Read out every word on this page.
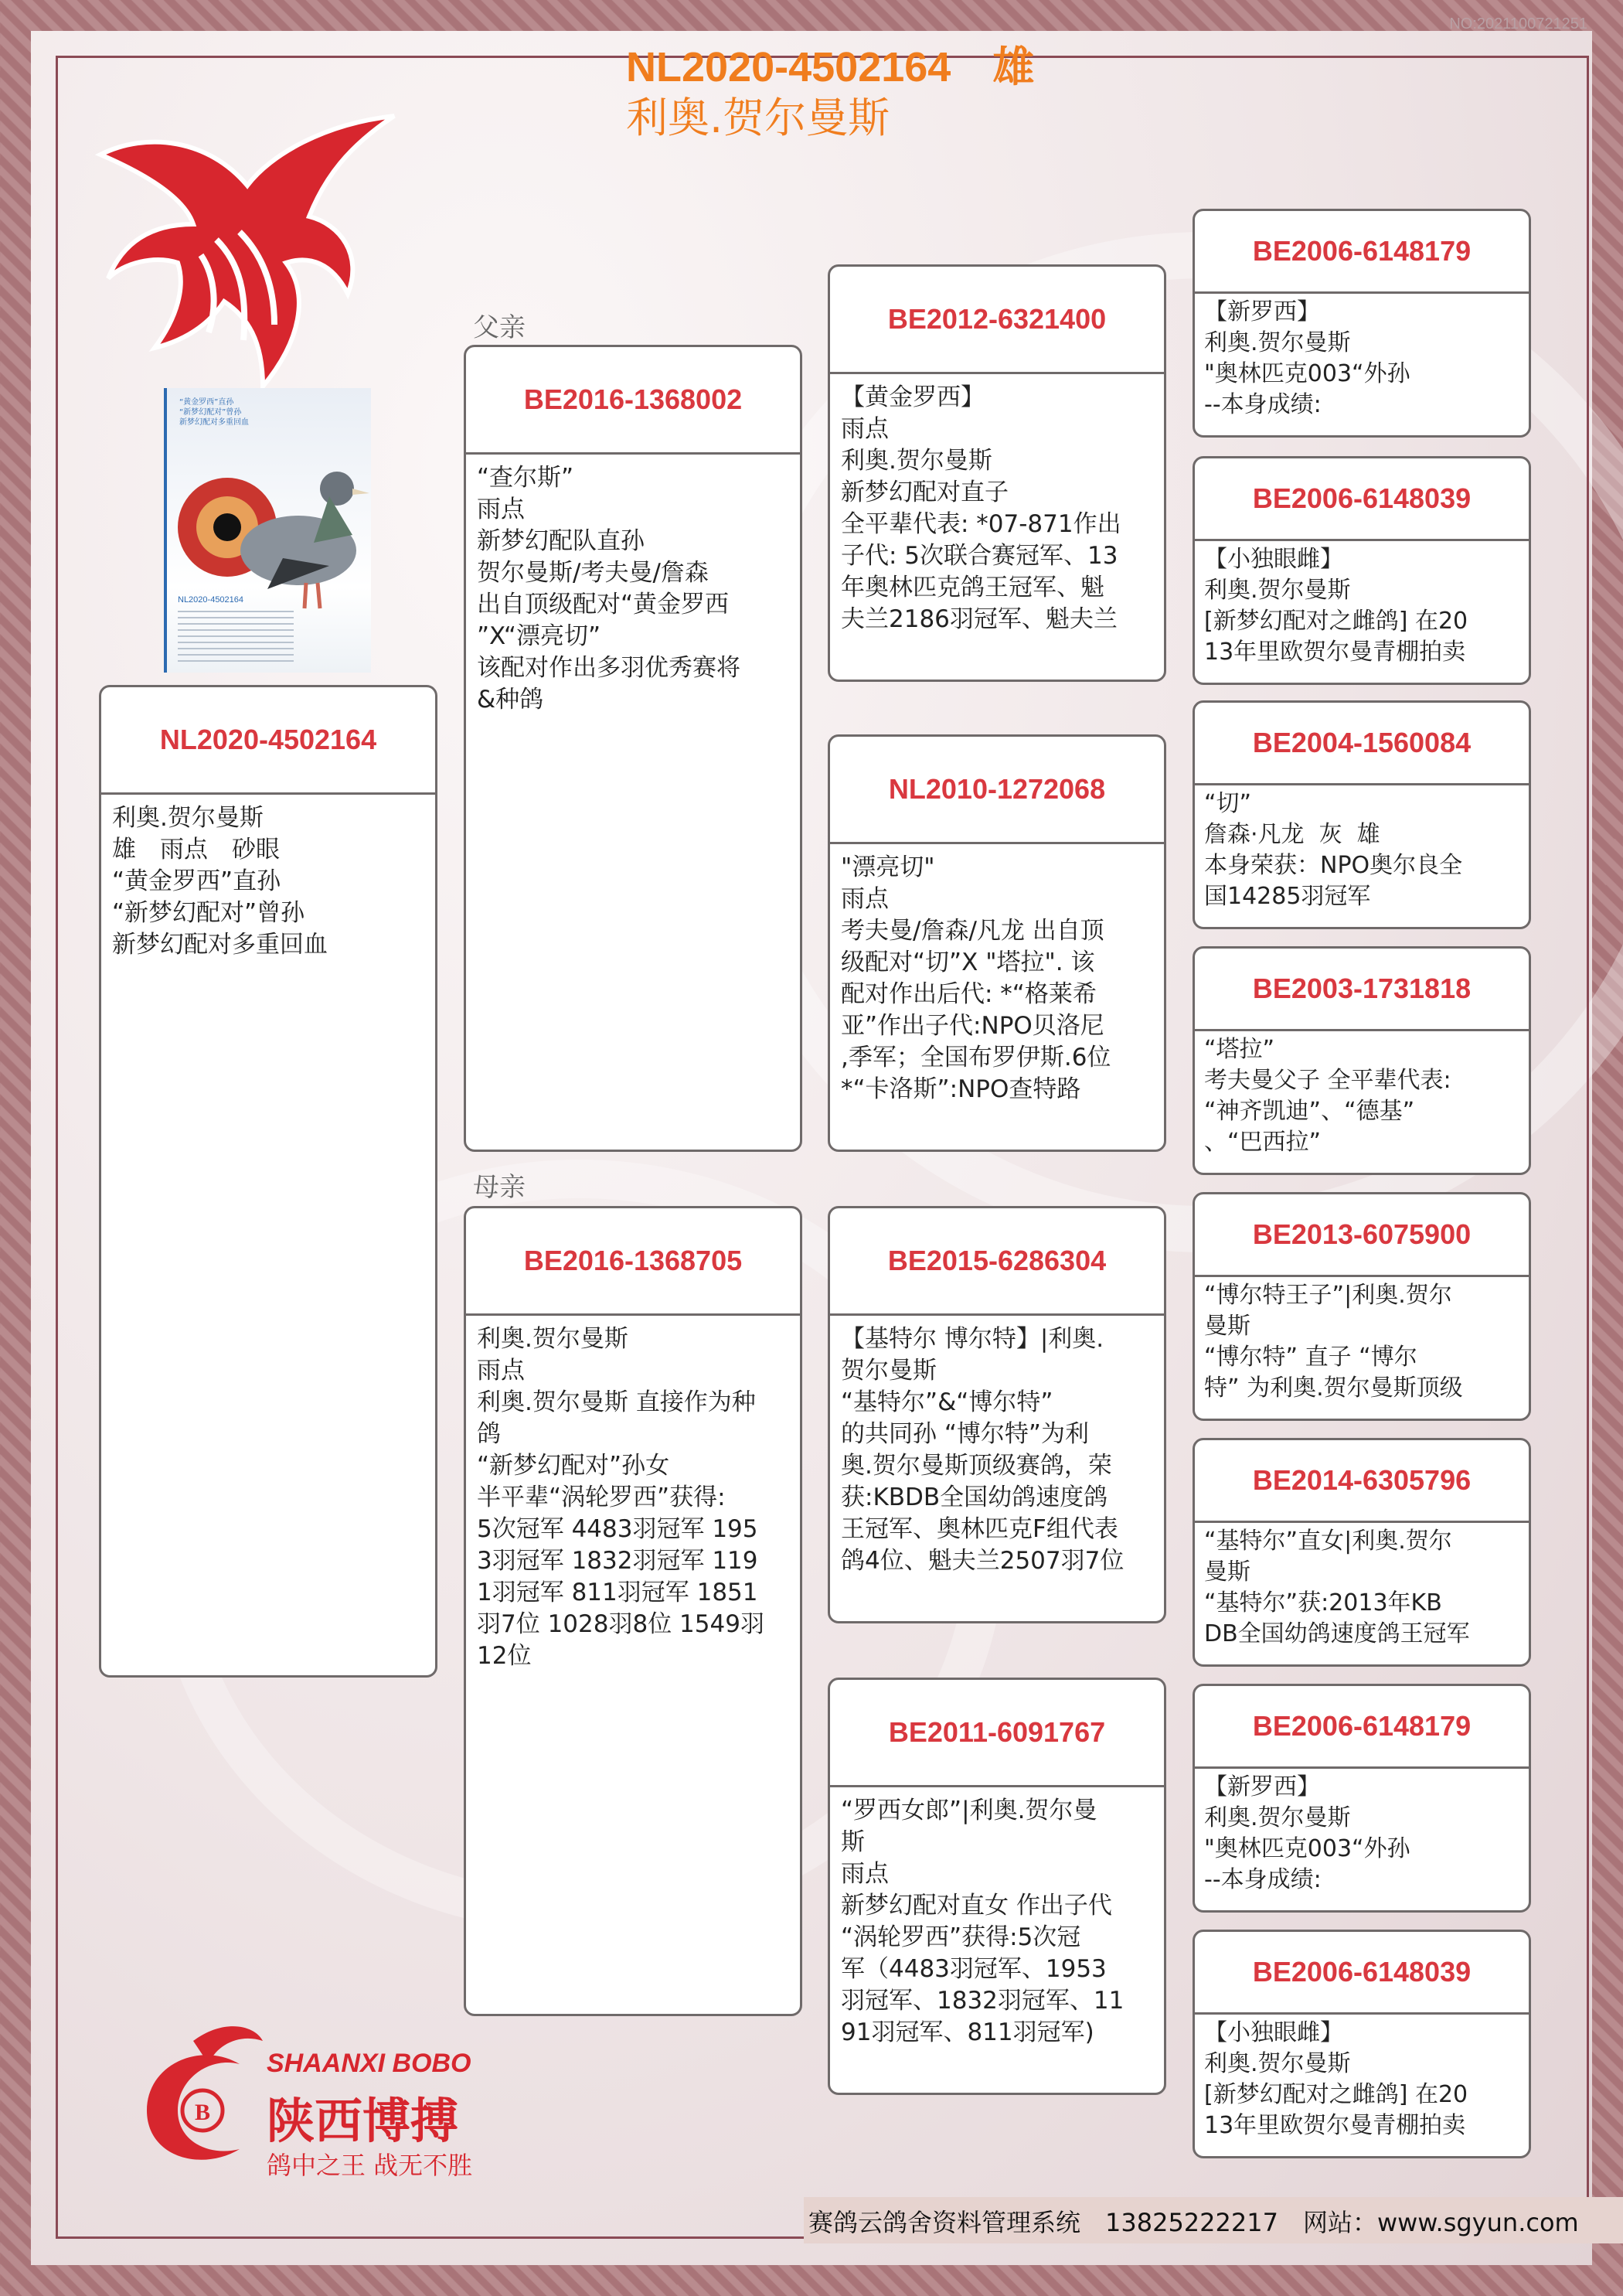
NO:2021100721251
NL2020-4502164　雄
利奥.贺尔曼斯
“黄金罗西”直孙
“新梦幻配对”曾孙
新梦幻配对多重回血
NL2020-4502164
父亲
母亲
NL2020-4502164
利奥.贺尔曼斯
雄　雨点　砂眼
“黄金罗西”直孙
“新梦幻配对”曾孙
新梦幻配对多重回血
BE2016-1368002
“查尔斯”
雨点
新梦幻配队直孙
贺尔曼斯/考夫曼/詹森
出自顶级配对“黄金罗西
”X“漂亮切”
该配对作出多羽优秀赛将
&种鸽
BE2016-1368705
利奥.贺尔曼斯
雨点
利奥.贺尔曼斯 直接作为种
鸽
“新梦幻配对”孙女
半平辈“涡轮罗西”获得:
5次冠军 4483羽冠军 195
3羽冠军 1832羽冠军 119
1羽冠军 811羽冠军 1851
羽7位 1028羽8位 1549羽
12位
BE2012-6321400
【黄金罗西】
雨点
利奥.贺尔曼斯
新梦幻配对直子
全平辈代表: *07-871作出
子代: 5次联合赛冠军、13
年奥林匹克鸽王冠军、魁
夫兰2186羽冠军、魁夫兰
NL2010-1272068
"漂亮切"
雨点
考夫曼/詹森/凡龙 出自顶
级配对“切”X "塔拉". 该
配对作出后代: *“格莱希
亚”作出子代:NPO贝洛尼
,季军；全国布罗伊斯.6位
*“卡洛斯”:NPO查特路
BE2015-6286304
【基特尔 博尔特】|利奥.
贺尔曼斯
“基特尔”&“博尔特”
的共同孙 “博尔特”为利
奥.贺尔曼斯顶级赛鸽，荣
获:KBDB全国幼鸽速度鸽
王冠军、奥林匹克F组代表
鸽4位、魁夫兰2507羽7位
BE2011-6091767
“罗西女郎”|利奥.贺尔曼
斯
雨点
新梦幻配对直女 作出子代
“涡轮罗西”获得:5次冠
军（4483羽冠军、1953
羽冠军、1832羽冠军、11
91羽冠军、811羽冠军)
BE2006-6148179
【新罗西】
利奥.贺尔曼斯
"奥林匹克003“外孙
--本身成绩:
BE2006-6148039
【小独眼雌】
利奥.贺尔曼斯
[新梦幻配对之雌鸽] 在20
13年里欧贺尔曼青棚拍卖
BE2004-1560084
“切”
詹森·凡龙  灰  雄
本身荣获：NPO奥尔良全
国14285羽冠军
BE2003-1731818
“塔拉”
考夫曼父子 全平辈代表:
“神齐凯迪”、“德基”
、“巴西拉”
BE2013-6075900
“博尔特王子”|利奥.贺尔
曼斯
“博尔特” 直子 “博尔
特” 为利奥.贺尔曼斯顶级
BE2014-6305796
“基特尔”直女|利奥.贺尔
曼斯
“基特尔”获:2013年KB
DB全国幼鸽速度鸽王冠军
BE2006-6148179
【新罗西】
利奥.贺尔曼斯
"奥林匹克003“外孙
--本身成绩:
BE2006-6148039
【小独眼雌】
利奥.贺尔曼斯
[新梦幻配对之雌鸽] 在20
13年里欧贺尔曼青棚拍卖
B
SHAANXI BOBO
陕西博搏
鸽中之王 战无不胜
赛鸽云鸽舍资料管理系统　13825222217　网站：www.sgyun.com
